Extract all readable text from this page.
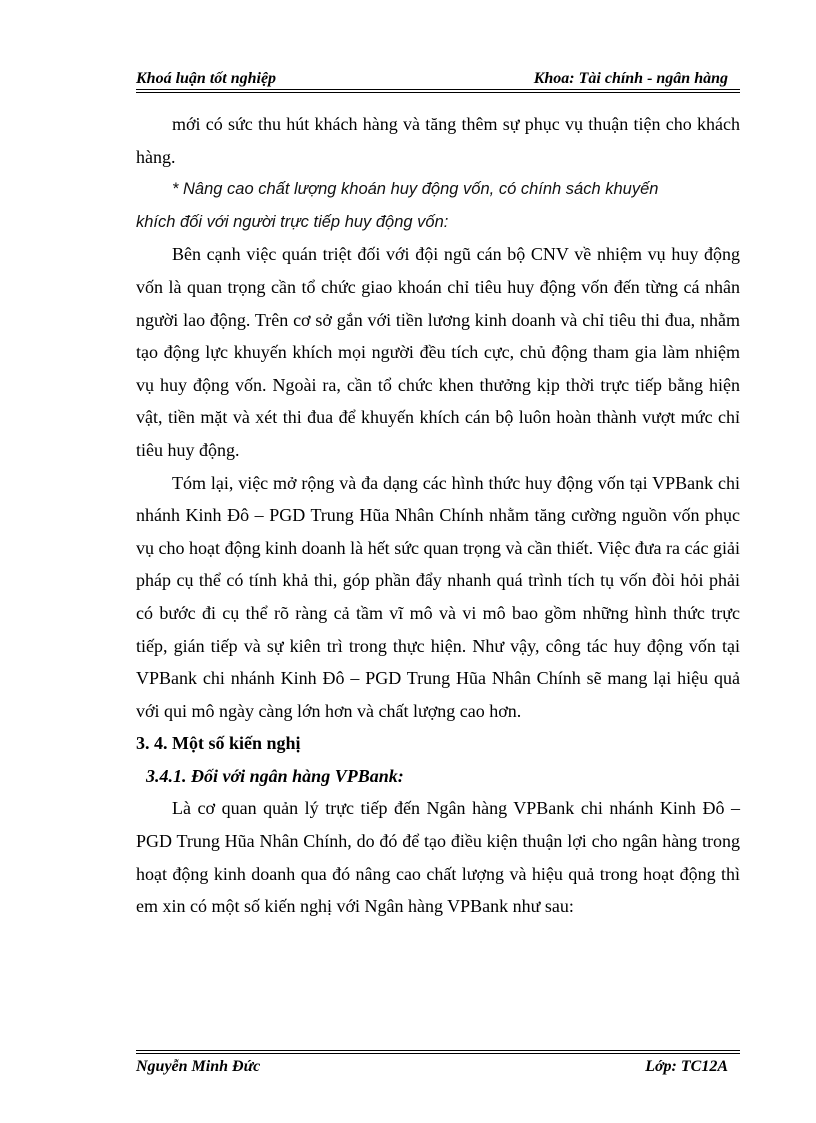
Khoá luận tốt nghiệp	Khoa: Tài chính - ngân hàng

mới có sức thu hút khách hàng và tăng thêm sự phục vụ thuận tiện cho khách hàng.

* Nâng cao chất lượng khoán huy động vốn, có chính sách khuyến
khích đối với người trực tiếp huy động vốn:

Bên cạnh việc quán triệt đối với đội ngũ cán bộ CNV về nhiệm vụ huy động vốn là quan trọng cần tổ chức giao khoán chỉ tiêu huy động vốn đến từng cá nhân người lao động. Trên cơ sở gắn với tiền lương kinh doanh và chỉ tiêu thi đua, nhằm tạo động lực khuyến khích mọi người đều tích cực, chủ động tham gia làm nhiệm vụ huy động vốn. Ngoài ra, cần tổ chức khen thưởng kịp thời trực tiếp bằng hiện vật, tiền mặt và xét thi đua để khuyến khích cán bộ luôn hoàn thành vượt mức chỉ tiêu huy động.

Tóm lại, việc mở rộng và đa dạng các hình thức huy động vốn tại VPBank chi nhánh Kinh Đô – PGD Trung Hũa Nhân Chính nhằm tăng cường nguồn vốn phục vụ cho hoạt động kinh doanh là hết sức quan trọng và cần thiết. Việc đưa ra các giải pháp cụ thể có tính khả thi, góp phần đẩy nhanh quá trình tích tụ vốn đòi hỏi phải có bước đi cụ thể rõ ràng cả tầm vĩ mô và vi mô bao gồm những hình thức trực tiếp, gián tiếp và sự kiên trì trong thực hiện. Như vậy, công tác huy động vốn tại VPBank chi nhánh Kinh Đô – PGD Trung Hũa Nhân Chính sẽ mang lại hiệu quả với qui mô ngày càng lớn hơn và chất lượng cao hơn.

3. 4. Một số kiến nghị

3.4.1. Đối với ngân hàng VPBank:

Là cơ quan quản lý trực tiếp đến Ngân hàng VPBank chi nhánh Kinh Đô – PGD Trung Hũa Nhân Chính, do đó để tạo điều kiện thuận lợi cho ngân hàng trong hoạt động kinh doanh qua đó nâng cao chất lượng và hiệu quả trong hoạt động thì em xin có một số kiến nghị với Ngân hàng VPBank như sau:

Nguyễn Minh Đức	Lớp: TC12A
